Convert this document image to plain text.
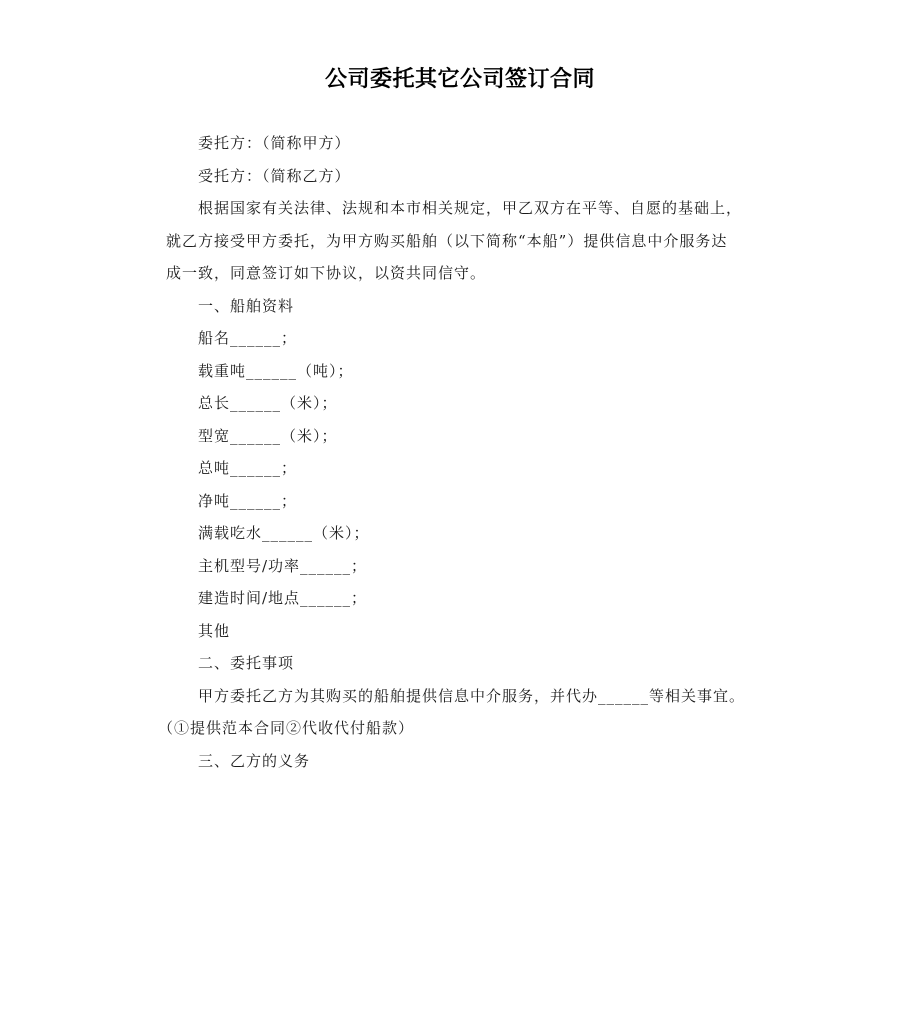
公司委托其它公司签订合同
委托方：（简称甲方）
受托方：（简称乙方）
根据国家有关法律、法规和本市相关规定，甲乙双方在平等、自愿的基础上，
就乙方接受甲方委托，为甲方购买船舶（以下简称“本船”）提供信息中介服务达
成一致，同意签订如下协议，以资共同信守。
一、船舶资料
船名______；
载重吨______（吨）；
总长______（米）；
型宽______（米）；
总吨______；
净吨______；
满载吃水______（米）；
主机型号/功率______；
建造时间/地点______；
其他
二、委托事项
甲方委托乙方为其购买的船舶提供信息中介服务，并代办______等相关事宜。
（①提供范本合同②代收代付船款）
三、乙方的义务
